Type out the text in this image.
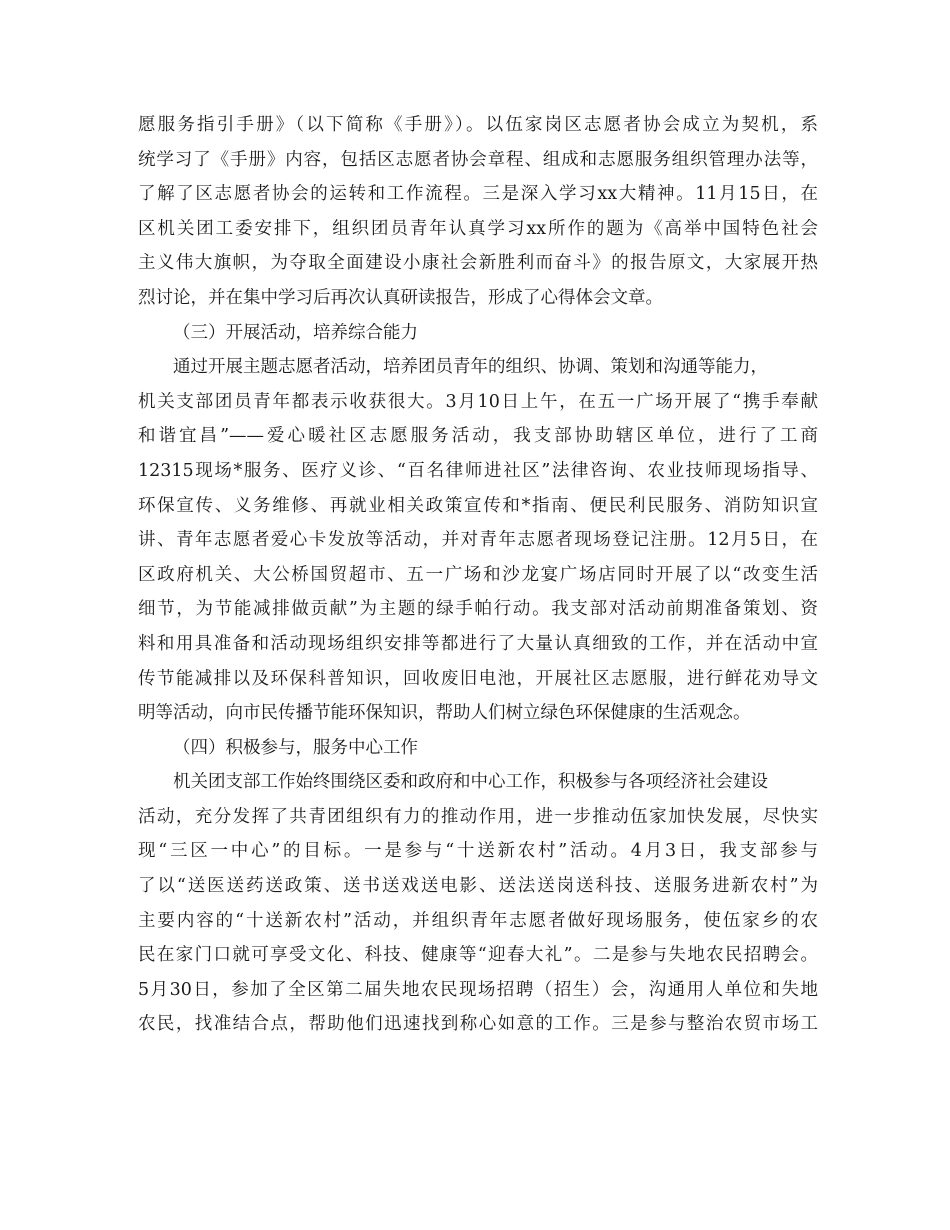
愿服务指引手册》（以下简称《手册》）。以伍家岗区志愿者协会成立为契机，系
统学习了《手册》内容，包括区志愿者协会章程、组成和志愿服务组织管理办法等，
了解了区志愿者协会的运转和工作流程。三是深入学习xx大精神。11月15日，在
区机关团工委安排下，组织团员青年认真学习xx所作的题为《高举中国特色社会
主义伟大旗帜，为夺取全面建设小康社会新胜利而奋斗》的报告原文，大家展开热
烈讨论，并在集中学习后再次认真研读报告，形成了心得体会文章。
（三）开展活动，培养综合能力
通过开展主题志愿者活动，培养团员青年的组织、协调、策划和沟通等能力，
机关支部团员青年都表示收获很大。3月10日上午，在五一广场开展了“携手奉献
和谐宜昌”——爱心暖社区志愿服务活动，我支部协助辖区单位，进行了工商
12315现场*服务、医疗义诊、“百名律师进社区”法律咨询、农业技师现场指导、
环保宣传、义务维修、再就业相关政策宣传和*指南、便民利民服务、消防知识宣
讲、青年志愿者爱心卡发放等活动，并对青年志愿者现场登记注册。12月5日，在
区政府机关、大公桥国贸超市、五一广场和沙龙宴广场店同时开展了以“改变生活
细节，为节能减排做贡献”为主题的绿手帕行动。我支部对活动前期准备策划、资
料和用具准备和活动现场组织安排等都进行了大量认真细致的工作，并在活动中宣
传节能减排以及环保科普知识，回收废旧电池，开展社区志愿服，进行鲜花劝导文
明等活动，向市民传播节能环保知识，帮助人们树立绿色环保健康的生活观念。
（四）积极参与，服务中心工作
机关团支部工作始终围绕区委和政府和中心工作，积极参与各项经济社会建设
活动，充分发挥了共青团组织有力的推动作用，进一步推动伍家加快发展，尽快实
现“三区一中心”的目标。一是参与“十送新农村”活动。4月3日，我支部参与
了以“送医送药送政策、送书送戏送电影、送法送岗送科技、送服务进新农村”为
主要内容的“十送新农村”活动，并组织青年志愿者做好现场服务，使伍家乡的农
民在家门口就可享受文化、科技、健康等“迎春大礼”。二是参与失地农民招聘会。
5月30日，参加了全区第二届失地农民现场招聘（招生）会，沟通用人单位和失地
农民，找准结合点，帮助他们迅速找到称心如意的工作。三是参与整治农贸市场工
